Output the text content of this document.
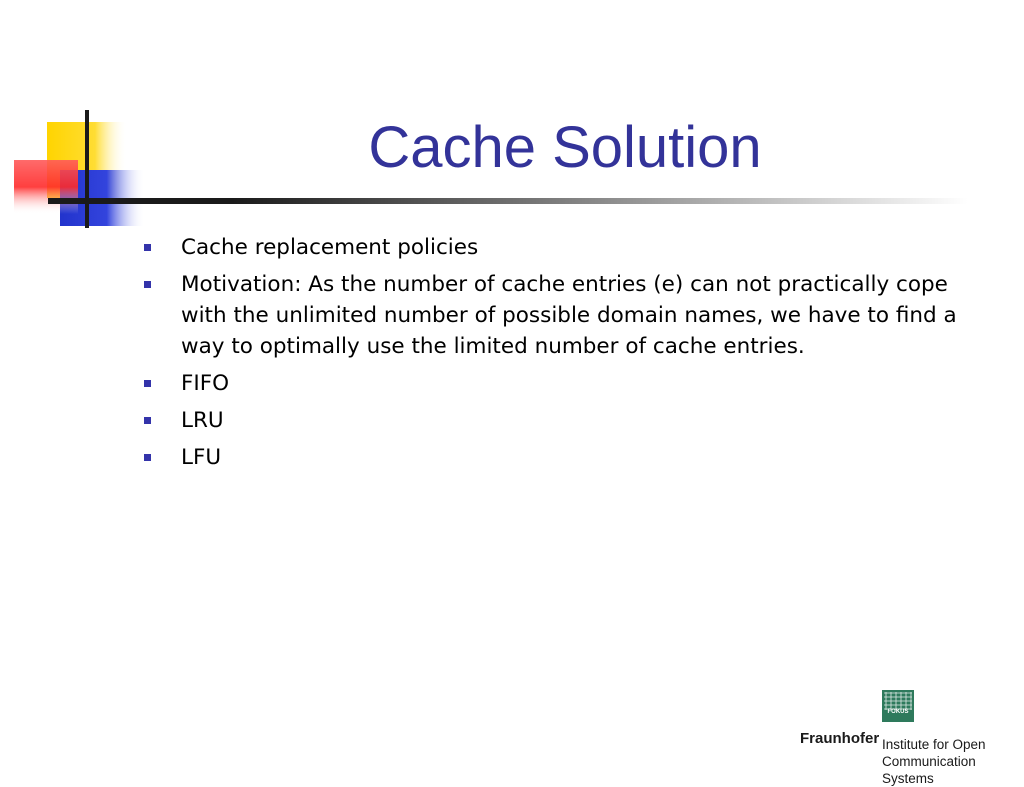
Cache Solution
Cache replacement policies
Motivation: As the number of cache entries (e) can not practically cope with the unlimited number of possible domain names, we have to find a way to optimally use the limited number of cache entries.
FIFO
LRU
LFU
FOKUS
Fraunhofer Institute for Open
Communication Systems
